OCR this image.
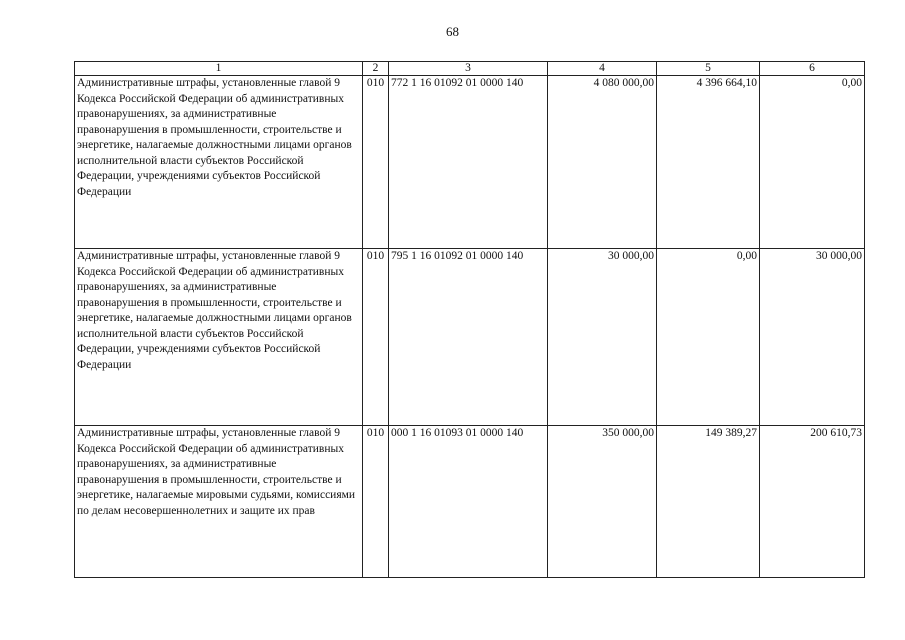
68
1	2	3	4	5	6
Административные штрафы, установленные главой 9 Кодекса Российской Федерации об административных правонарушениях, за административные правонарушения в промышленности, строительстве и энергетике, налагаемые должностными лицами органов исполнительной власти субъектов Российской Федерации, учреждениями субъектов Российской Федерации	010	772 1 16 01092 01 0000 140	4 080 000,00	4 396 664,10	0,00
Административные штрафы, установленные главой 9 Кодекса Российской Федерации об административных правонарушениях, за административные правонарушения в промышленности, строительстве и энергетике, налагаемые должностными лицами органов исполнительной власти субъектов Российской Федерации, учреждениями субъектов Российской Федерации	010	795 1 16 01092 01 0000 140	30 000,00	0,00	30 000,00
Административные штрафы, установленные главой 9 Кодекса Российской Федерации об административных правонарушениях, за административные правонарушения в промышленности, строительстве и энергетике, налагаемые мировыми судьями, комиссиями по делам несовершеннолетних и защите их прав	010	000 1 16 01093 01 0000 140	350 000,00	149 389,27	200 610,73
